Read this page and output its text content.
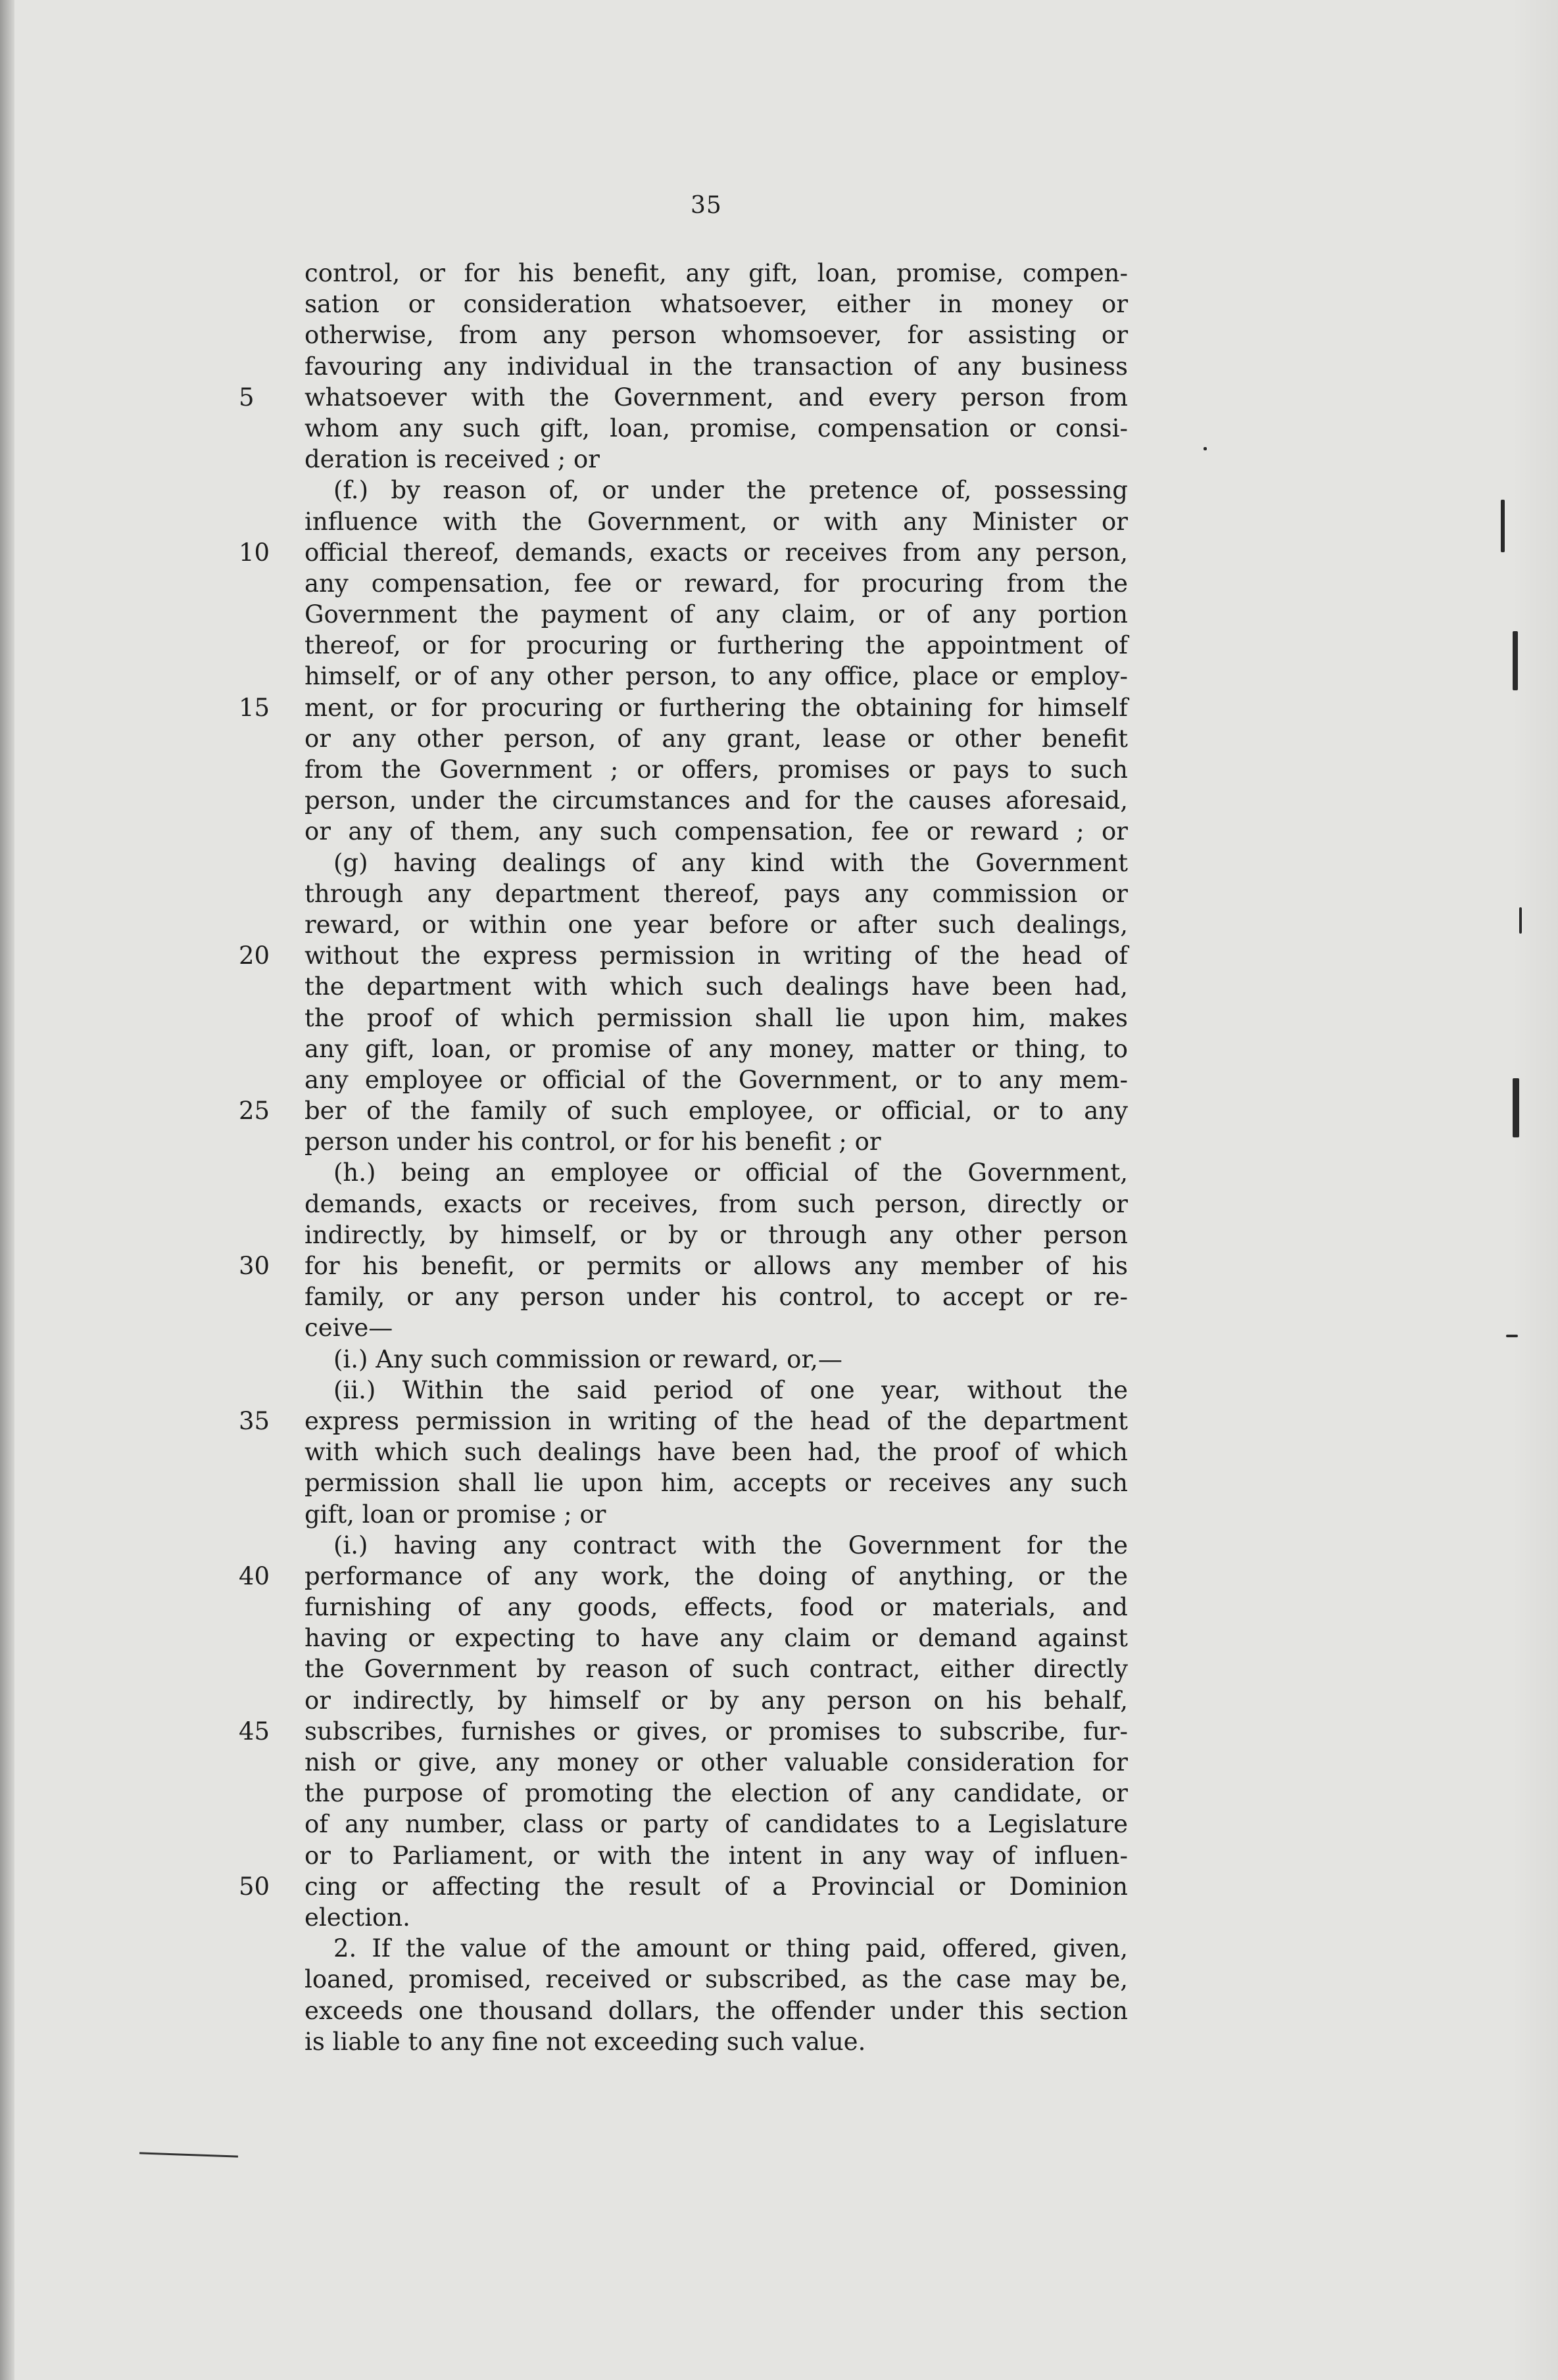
35
control, or for his benefit, any gift, loan, promise, compen-
sation or consideration whatsoever, either in money or
otherwise, from any person whomsoever, for assisting or
favouring any individual in the transaction of any business
5	whatsoever with the Government, and every person from
whom any such gift, loan, promise, compensation or consi-
deration is received ; or
(f.) by reason of, or under the pretence of, possessing
influence with the Government, or with any Minister or
10	official thereof, demands, exacts or receives from any person,
any compensation, fee or reward, for procuring from the
Government the payment of any claim, or of any portion
thereof, or for procuring or furthering the appointment of
himself, or of any other person, to any office, place or employ-
15	ment, or for procuring or furthering the obtaining for himself
or any other person, of any grant, lease or other benefit
from the Government ; or offers, promises or pays to such
person, under the circumstances and for the causes aforesaid,
or any of them, any such compensation, fee or reward ; or
(g) having dealings of any kind with the Government
through any department thereof, pays any commission or
reward, or within one year before or after such dealings,
20	without the express permission in writing of the head of
the department with which such dealings have been had,
the proof of which permission shall lie upon him, makes
any gift, loan, or promise of any money, matter or thing, to
any employee or official of the Government, or to any mem-
25	ber of the family of such employee, or official, or to any
person under his control, or for his benefit ; or
(h.) being an employee or official of the Government,
demands, exacts or receives, from such person, directly or
indirectly, by himself, or by or through any other person
30	for his benefit, or permits or allows any member of his
family, or any person under his control, to accept or re-
ceive—
(i.) Any such commission or reward, or,—
(ii.) Within the said period of one year, without the
35	express permission in writing of the head of the department
with which such dealings have been had, the proof of which
permission shall lie upon him, accepts or receives any such
gift, loan or promise ; or
(i.) having any contract with the Government for the
40	performance of any work, the doing of anything, or the
furnishing of any goods, effects, food or materials, and
having or expecting to have any claim or demand against
the Government by reason of such contract, either directly
or indirectly, by himself or by any person on his behalf,
45	subscribes, furnishes or gives, or promises to subscribe, fur-
nish or give, any money or other valuable consideration for
the purpose of promoting the election of any candidate, or
of any number, class or party of candidates to a Legislature
or to Parliament, or with the intent in any way of influen-
50	cing or affecting the result of a Provincial or Dominion
election.
2. If the value of the amount or thing paid, offered, given,
loaned, promised, received or subscribed, as the case may be,
exceeds one thousand dollars, the offender under this section
is liable to any fine not exceeding such value.
